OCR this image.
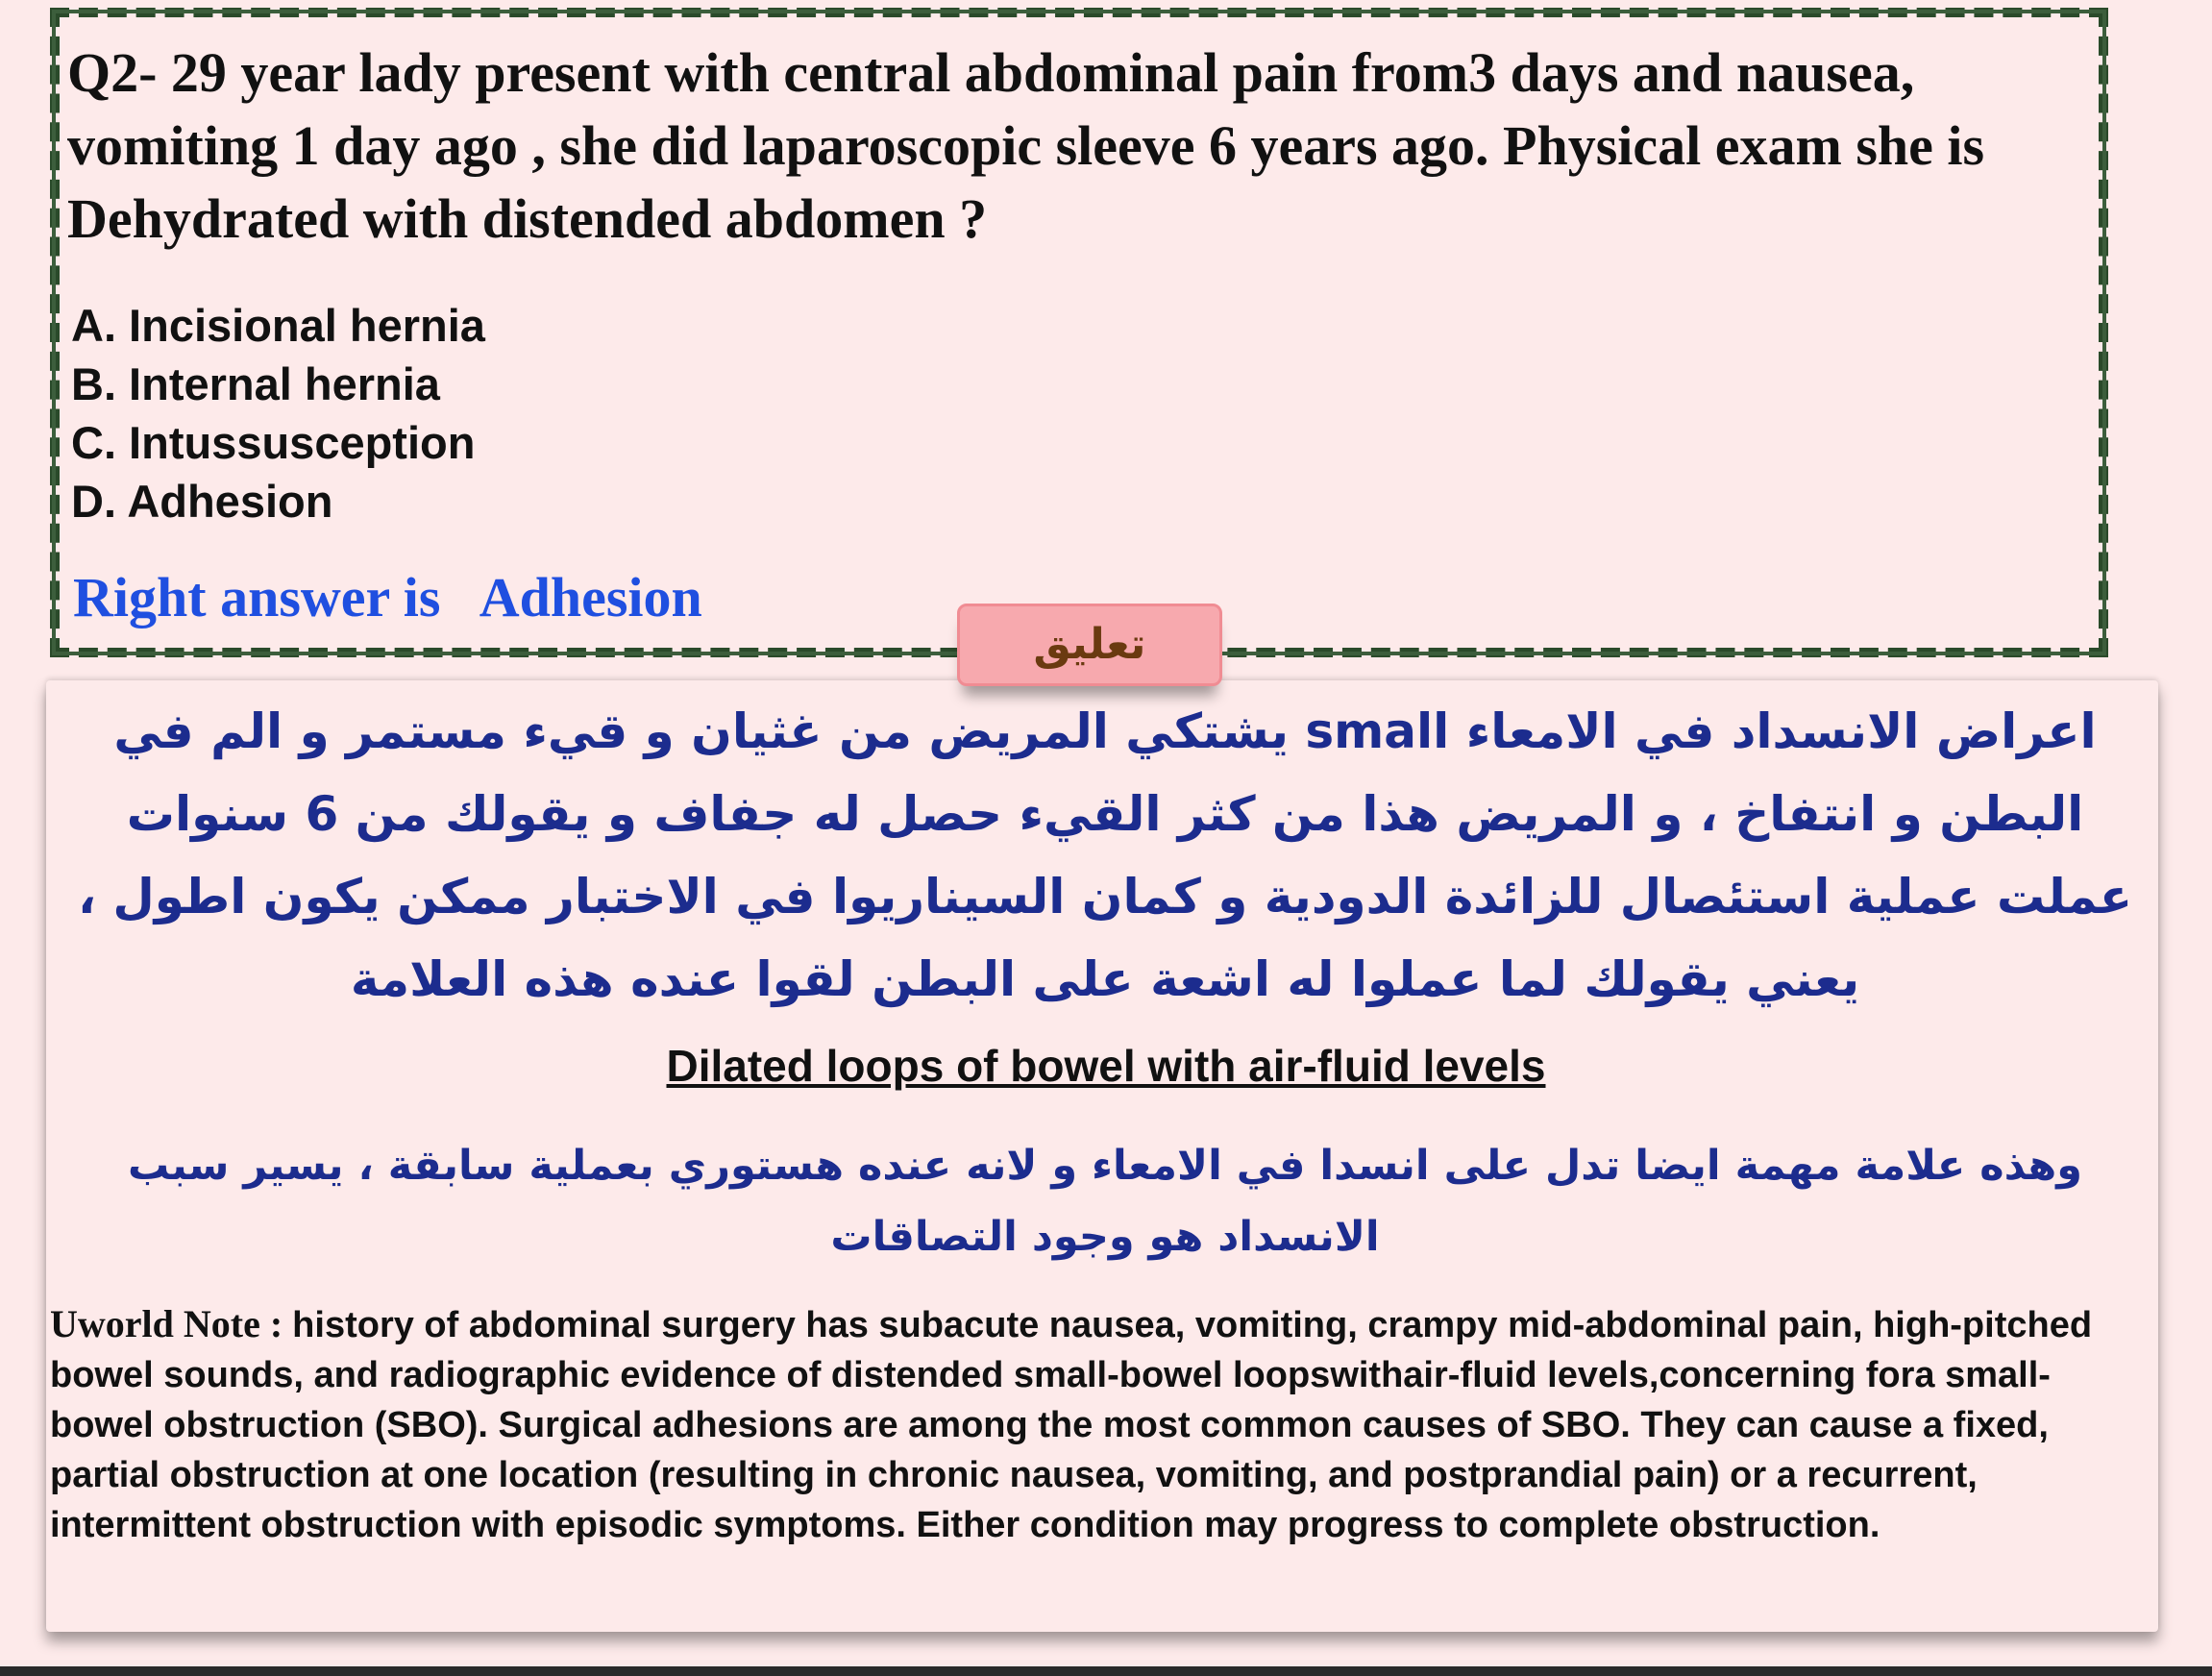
Q2- 29 year lady present with central abdominal pain from3 days and nausea, vomiting 1 day ago , she did laparoscopic sleeve 6 years ago. Physical exam she is Dehydrated with distended abdomen ?

A. Incisional hernia
B. Internal hernia
C. Intussusception
D. Adhesion

Right answer is   Adhesion

تعليق

اعراض الانسداد في الامعاء small يشتكي المريض من غثيان و قيء مستمر و الم في البطن و انتفاخ ، و المريض هذا من كثر القيء حصل له جفاف و يقولك من 6 سنوات عملت عملية استئصال للزائدة الدودية و كمان السيناريوا في الاختبار ممكن يكون اطول ، يعني يقولك لما عملوا له اشعة على البطن لقوا عنده هذه العلامة

Dilated loops of bowel with air-fluid levels

وهذه علامة مهمة ايضا تدل على انسدا في الامعاء و لانه عنده هستوري بعملية سابقة ، يسير سبب الانسداد هو وجود التصاقات

Uworld Note : history of abdominal surgery has subacute nausea, vomiting, crampy mid-abdominal pain, high-pitched bowel sounds, and radiographic evidence of distended small-bowel loopswithair-fluid levels,concerning fora small-bowel obstruction (SBO). Surgical adhesions are among the most common causes of SBO. They can cause a fixed, partial obstruction at one location (resulting in chronic nausea, vomiting, and postprandial pain) or a recurrent, intermittent obstruction with episodic symptoms. Either condition may progress to complete obstruction.
